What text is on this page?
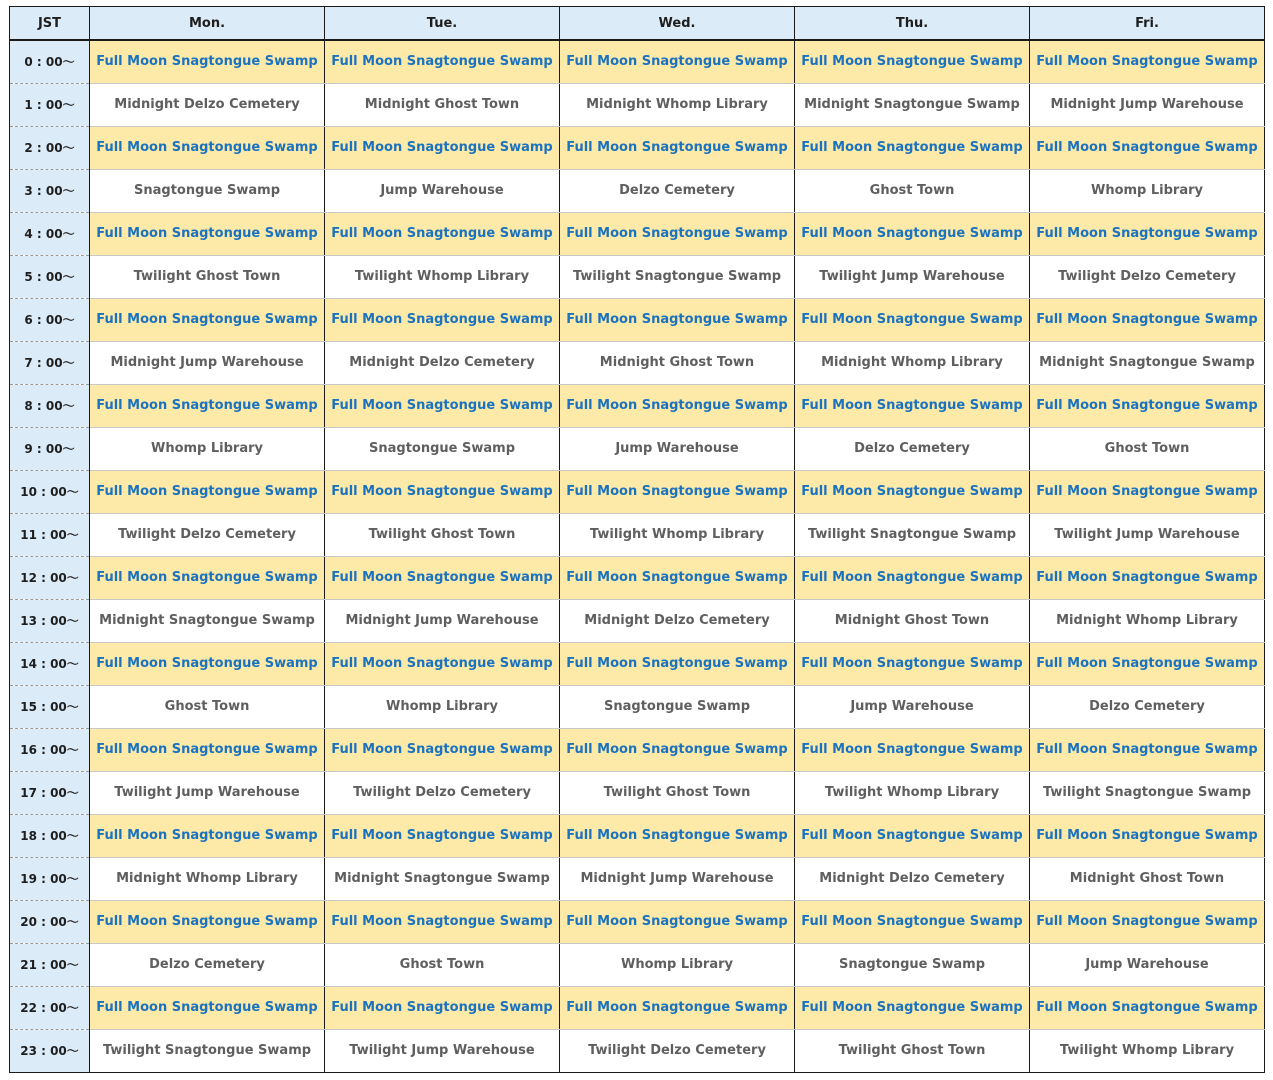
JST	Mon.	Tue.	Wed.	Thu.	Fri.
0 : 00～	Full Moon Snagtongue Swamp	Full Moon Snagtongue Swamp	Full Moon Snagtongue Swamp	Full Moon Snagtongue Swamp	Full Moon Snagtongue Swamp
1 : 00～	Midnight Delzo Cemetery	Midnight Ghost Town	Midnight Whomp Library	Midnight Snagtongue Swamp	Midnight Jump Warehouse
2 : 00～	Full Moon Snagtongue Swamp	Full Moon Snagtongue Swamp	Full Moon Snagtongue Swamp	Full Moon Snagtongue Swamp	Full Moon Snagtongue Swamp
3 : 00～	Snagtongue Swamp	Jump Warehouse	Delzo Cemetery	Ghost Town	Whomp Library
4 : 00～	Full Moon Snagtongue Swamp	Full Moon Snagtongue Swamp	Full Moon Snagtongue Swamp	Full Moon Snagtongue Swamp	Full Moon Snagtongue Swamp
5 : 00～	Twilight Ghost Town	Twilight Whomp Library	Twilight Snagtongue Swamp	Twilight Jump Warehouse	Twilight Delzo Cemetery
6 : 00～	Full Moon Snagtongue Swamp	Full Moon Snagtongue Swamp	Full Moon Snagtongue Swamp	Full Moon Snagtongue Swamp	Full Moon Snagtongue Swamp
7 : 00～	Midnight Jump Warehouse	Midnight Delzo Cemetery	Midnight Ghost Town	Midnight Whomp Library	Midnight Snagtongue Swamp
8 : 00～	Full Moon Snagtongue Swamp	Full Moon Snagtongue Swamp	Full Moon Snagtongue Swamp	Full Moon Snagtongue Swamp	Full Moon Snagtongue Swamp
9 : 00～	Whomp Library	Snagtongue Swamp	Jump Warehouse	Delzo Cemetery	Ghost Town
10 : 00～	Full Moon Snagtongue Swamp	Full Moon Snagtongue Swamp	Full Moon Snagtongue Swamp	Full Moon Snagtongue Swamp	Full Moon Snagtongue Swamp
11 : 00～	Twilight Delzo Cemetery	Twilight Ghost Town	Twilight Whomp Library	Twilight Snagtongue Swamp	Twilight Jump Warehouse
12 : 00～	Full Moon Snagtongue Swamp	Full Moon Snagtongue Swamp	Full Moon Snagtongue Swamp	Full Moon Snagtongue Swamp	Full Moon Snagtongue Swamp
13 : 00～	Midnight Snagtongue Swamp	Midnight Jump Warehouse	Midnight Delzo Cemetery	Midnight Ghost Town	Midnight Whomp Library
14 : 00～	Full Moon Snagtongue Swamp	Full Moon Snagtongue Swamp	Full Moon Snagtongue Swamp	Full Moon Snagtongue Swamp	Full Moon Snagtongue Swamp
15 : 00～	Ghost Town	Whomp Library	Snagtongue Swamp	Jump Warehouse	Delzo Cemetery
16 : 00～	Full Moon Snagtongue Swamp	Full Moon Snagtongue Swamp	Full Moon Snagtongue Swamp	Full Moon Snagtongue Swamp	Full Moon Snagtongue Swamp
17 : 00～	Twilight Jump Warehouse	Twilight Delzo Cemetery	Twilight Ghost Town	Twilight Whomp Library	Twilight Snagtongue Swamp
18 : 00～	Full Moon Snagtongue Swamp	Full Moon Snagtongue Swamp	Full Moon Snagtongue Swamp	Full Moon Snagtongue Swamp	Full Moon Snagtongue Swamp
19 : 00～	Midnight Whomp Library	Midnight Snagtongue Swamp	Midnight Jump Warehouse	Midnight Delzo Cemetery	Midnight Ghost Town
20 : 00～	Full Moon Snagtongue Swamp	Full Moon Snagtongue Swamp	Full Moon Snagtongue Swamp	Full Moon Snagtongue Swamp	Full Moon Snagtongue Swamp
21 : 00～	Delzo Cemetery	Ghost Town	Whomp Library	Snagtongue Swamp	Jump Warehouse
22 : 00～	Full Moon Snagtongue Swamp	Full Moon Snagtongue Swamp	Full Moon Snagtongue Swamp	Full Moon Snagtongue Swamp	Full Moon Snagtongue Swamp
23 : 00～	Twilight Snagtongue Swamp	Twilight Jump Warehouse	Twilight Delzo Cemetery	Twilight Ghost Town	Twilight Whomp Library
